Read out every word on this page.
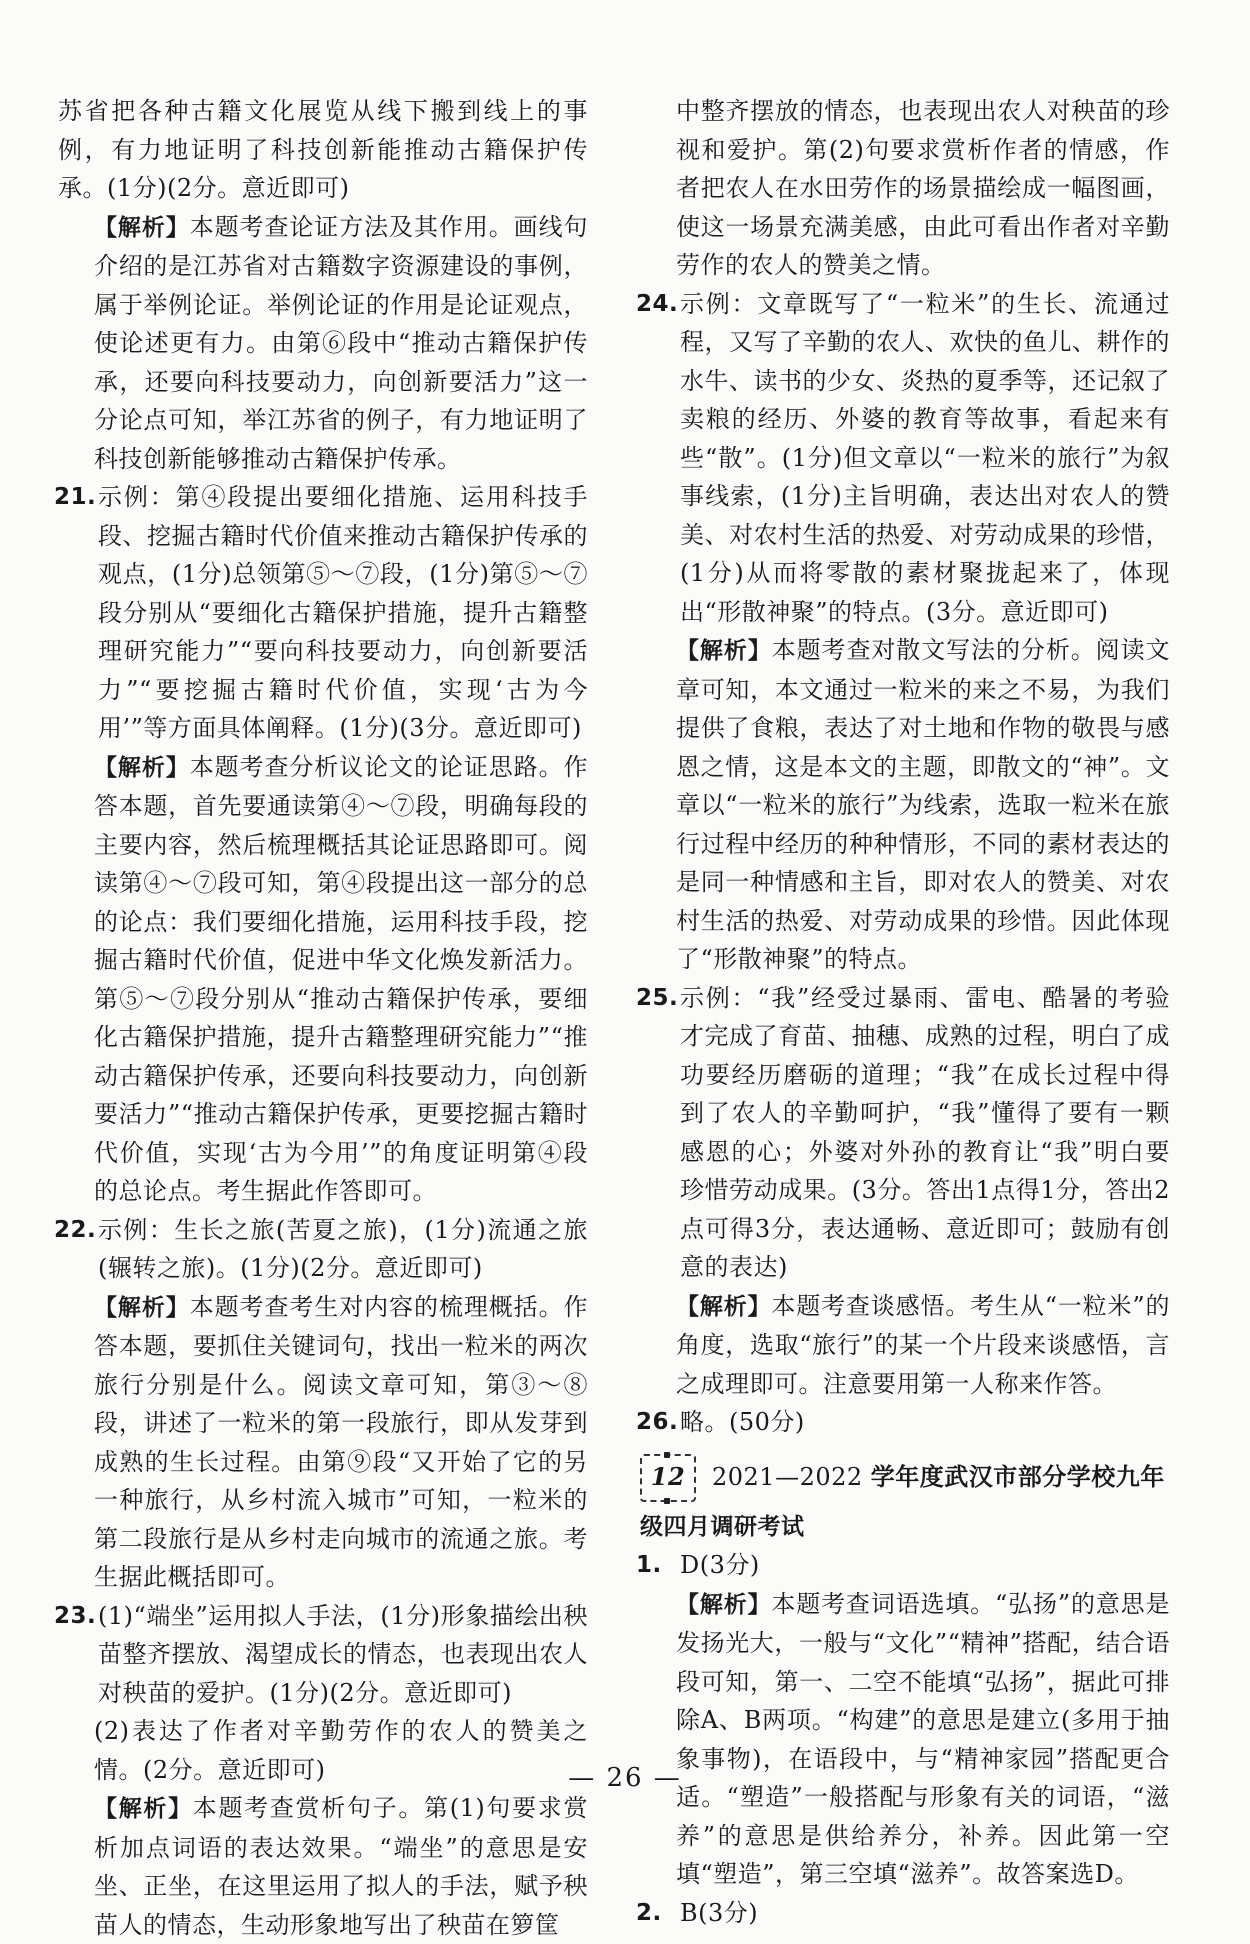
苏省把各种古籍文化展览从线下搬到线上的事例，有力地证明了科技创新能推动古籍保护传承。(1分)(2分。意近即可)

【解析】本题考查论证方法及其作用。画线句介绍的是江苏省对古籍数字资源建设的事例，属于举例论证。举例论证的作用是论证观点，使论述更有力。由第⑥段中“推动古籍保护传承，还要向科技要动力，向创新要活力”这一分论点可知，举江苏省的例子，有力地证明了科技创新能够推动古籍保护传承。

21. 示例：第④段提出要细化措施、运用科技手段、挖掘古籍时代价值来推动古籍保护传承的观点，(1分)总领第⑤～⑦段，(1分)第⑤～⑦段分别从“要细化古籍保护措施，提升古籍整理研究能力”“要向科技要动力，向创新要活力”“要挖掘古籍时代价值，实现‘古为今用’”等方面具体阐释。(1分)(3分。意近即可)

【解析】本题考查分析议论文的论证思路。作答本题，首先要通读第④～⑦段，明确每段的主要内容，然后梳理概括其论证思路即可。阅读第④～⑦段可知，第④段提出这一部分的总的论点：我们要细化措施，运用科技手段，挖掘古籍时代价值，促进中华文化焕发新活力。第⑤～⑦段分别从“推动古籍保护传承，要细化古籍保护措施，提升古籍整理研究能力”“推动古籍保护传承，还要向科技要动力，向创新要活力”“推动古籍保护传承，更要挖掘古籍时代价值，实现‘古为今用’”的角度证明第④段的总论点。考生据此作答即可。

22. 示例：生长之旅(苦夏之旅)，(1分)流通之旅(辗转之旅)。(1分)(2分。意近即可)

【解析】本题考查考生对内容的梳理概括。作答本题，要抓住关键词句，找出一粒米的两次旅行分别是什么。阅读文章可知，第③～⑧段，讲述了一粒米的第一段旅行，即从发芽到成熟的生长过程。由第⑨段“又开始了它的另一种旅行，从乡村流入城市”可知，一粒米的第二段旅行是从乡村走向城市的流通之旅。考生据此概括即可。

23. (1)“端坐”运用拟人手法，(1分)形象描绘出秧苗整齐摆放、渴望成长的情态，也表现出农人对秧苗的爱护。(1分)(2分。意近即可)

(2)表达了作者对辛勤劳作的农人的赞美之情。(2分。意近即可)

【解析】本题考查赏析句子。第(1)句要求赏析加点词语的表达效果。“端坐”的意思是安坐、正坐，在这里运用了拟人的手法，赋予秧苗人的情态，生动形象地写出了秧苗在箩筐

中整齐摆放的情态，也表现出农人对秧苗的珍视和爱护。第(2)句要求赏析作者的情感，作者把农人在水田劳作的场景描绘成一幅图画，使这一场景充满美感，由此可看出作者对辛勤劳作的农人的赞美之情。

24. 示例：文章既写了“一粒米”的生长、流通过程，又写了辛勤的农人、欢快的鱼儿、耕作的水牛、读书的少女、炎热的夏季等，还记叙了卖粮的经历、外婆的教育等故事，看起来有些“散”。(1分)但文章以“一粒米的旅行”为叙事线索，(1分)主旨明确，表达出对农人的赞美、对农村生活的热爱、对劳动成果的珍惜，(1分)从而将零散的素材聚拢起来了，体现出“形散神聚”的特点。(3分。意近即可)

【解析】本题考查对散文写法的分析。阅读文章可知，本文通过一粒米的来之不易，为我们提供了食粮，表达了对土地和作物的敬畏与感恩之情，这是本文的主题，即散文的“神”。文章以“一粒米的旅行”为线索，选取一粒米在旅行过程中经历的种种情形，不同的素材表达的是同一种情感和主旨，即对农人的赞美、对农村生活的热爱、对劳动成果的珍惜。因此体现了“形散神聚”的特点。

25. 示例：“我”经受过暴雨、雷电、酷暑的考验才完成了育苗、抽穗、成熟的过程，明白了成功要经历磨砺的道理；“我”在成长过程中得到了农人的辛勤呵护，“我”懂得了要有一颗感恩的心；外婆对外孙的教育让“我”明白要珍惜劳动成果。(3分。答出1点得1分，答出2点可得3分，表达通畅、意近即可；鼓励有创意的表达)

【解析】本题考查谈感悟。考生从“一粒米”的角度，选取“旅行”的某一个片段来谈感悟，言之成理即可。注意要用第一人称来作答。

26. 略。(50分)

12	2021—2022 学年度武汉市部分学校九年

级四月调研考试

1. D(3分)

【解析】本题考查词语选填。“弘扬”的意思是发扬光大，一般与“文化”“精神”搭配，结合语段可知，第一、二空不能填“弘扬”，据此可排除A、B两项。“构建”的意思是建立(多用于抽象事物)，在语段中，与“精神家园”搭配更合适。“塑造”一般搭配与形象有关的词语，“滋养”的意思是供给养分，补养。因此第一空填“塑造”，第三空填“滋养”。故答案选D。

2. B(3分)

— 26 —
